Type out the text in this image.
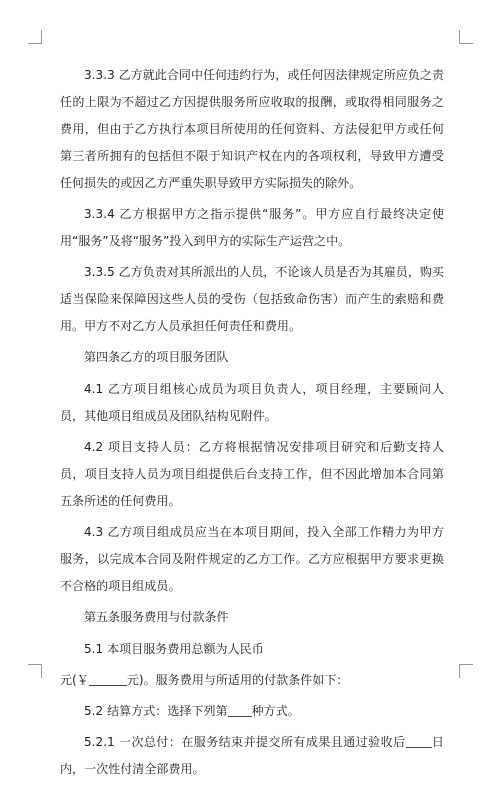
3.3.3 乙方就此合同中任何违约行为，或任何因法律规定所应负之责任的上限为不超过乙方因提供服务所应收取的报酬，或取得相同服务之费用，但由于乙方执行本项目所使用的任何资料、方法侵犯甲方或任何第三者所拥有的包括但不限于知识产权在内的各项权利，导致甲方遭受任何损失的或因乙方严重失职导致甲方实际损失的除外。

3.3.4 乙方根据甲方之指示提供“服务”。甲方应自行最终决定使用“服务”及将“服务”投入到甲方的实际生产运营之中。

3.3.5 乙方负责对其所派出的人员，不论该人员是否为其雇员，购买适当保险来保障因这些人员的受伤（包括致命伤害）而产生的索赔和费用。甲方不对乙方人员承担任何责任和费用。

第四条乙方的项目服务团队

4.1 乙方项目组核心成员为项目负责人，项目经理，主要顾问人员，其他项目组成员及团队结构见附件。

4.2 项目支持人员：乙方将根据情况安排项目研究和后勤支持人员，项目支持人员为项目组提供后台支持工作，但不因此增加本合同第五条所述的任何费用。

4.3 乙方项目组成员应当在本项目期间，投入全部工作精力为甲方服务，以完成本合同及附件规定的乙方工作。乙方应根据甲方要求更换不合格的项目组成员。

第五条服务费用与付款条件

5.1 本项目服务费用总额为人民币

元(￥	元)。服务费用与所适用的付款条件如下：

5.2 结算方式：选择下列第 种方式。

5.2.1 一次总付：在服务结束并提交所有成果且通过验收后 日内，一次性付清全部费用。
